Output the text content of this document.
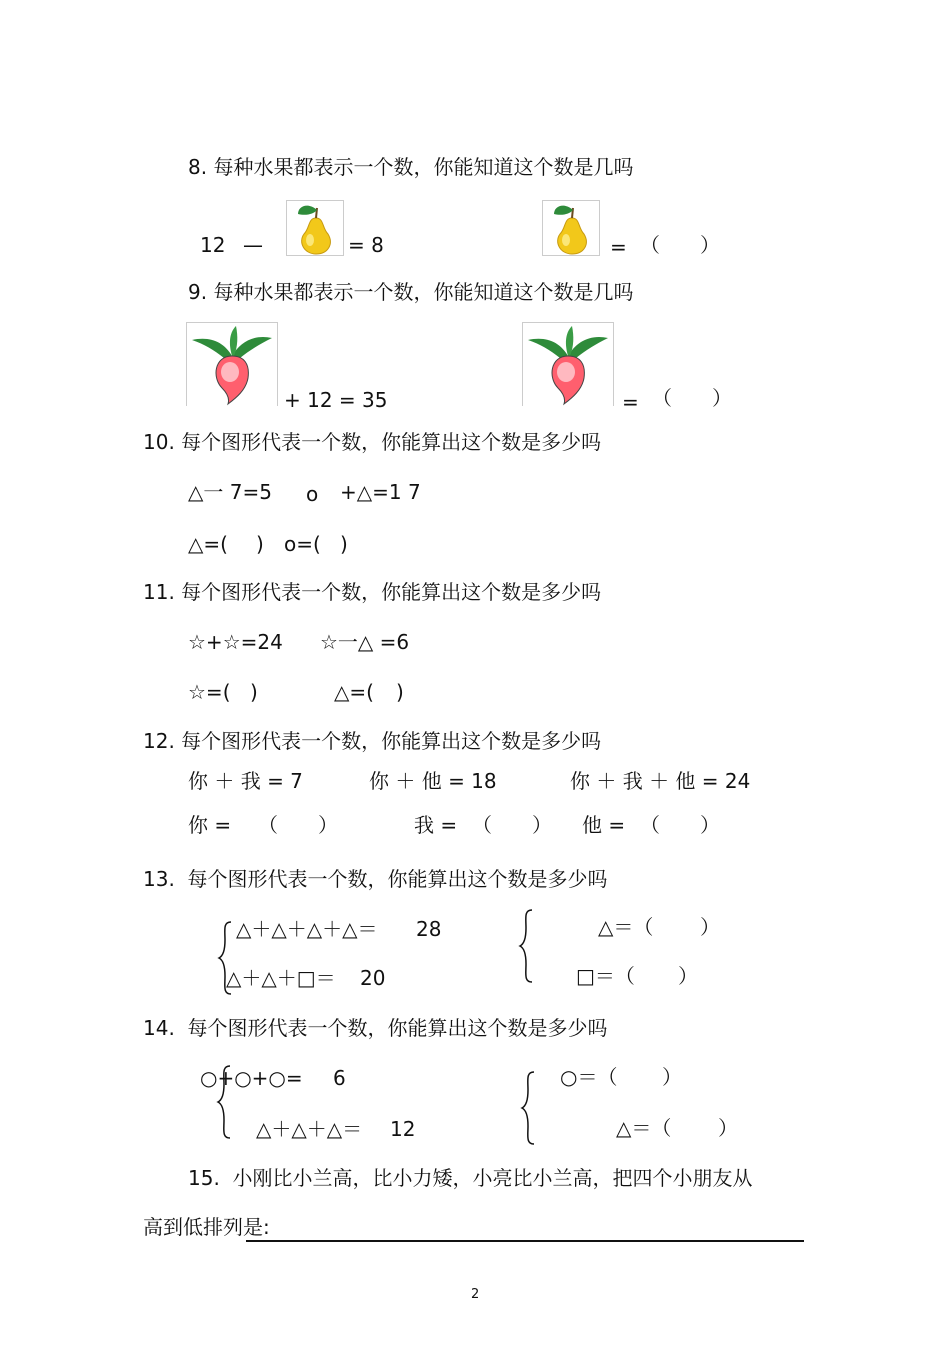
8. 每种水果都表示一个数，你能知道这个数是几吗
12 —	= 8	= （ ）
9. 每种水果都表示一个数，你能知道这个数是几吗
+ 12 = 35	= （ ）
10. 每个图形代表一个数，你能算出这个数是多少吗
△一 7=5 o +△=1 7
△=( ) o=( )
11. 每个图形代表一个数，你能算出这个数是多少吗
☆+☆=24 ☆一△ =6
☆=( )	△=( )
12. 每个图形代表一个数，你能算出这个数是多少吗
你 ＋ 我 = 7	你 ＋ 他 = 18	你 ＋ 我 ＋ 他 = 24
你 = （　　）	我 = （　　） 他 = （　　）
13.  每个图形代表一个数，你能算出这个数是多少吗
△＋△＋△＋△＝ 28
△＋△＋□＝ 20
△＝（ ）
□＝（ ）
14.  每个图形代表一个数，你能算出这个数是多少吗
○+○+○= 6
△＋△＋△＝ 12
○＝（ ）
△＝（ ）
15.  小刚比小兰高，比小力矮，小亮比小兰高，把四个小朋友从
高到低排列是:
2
